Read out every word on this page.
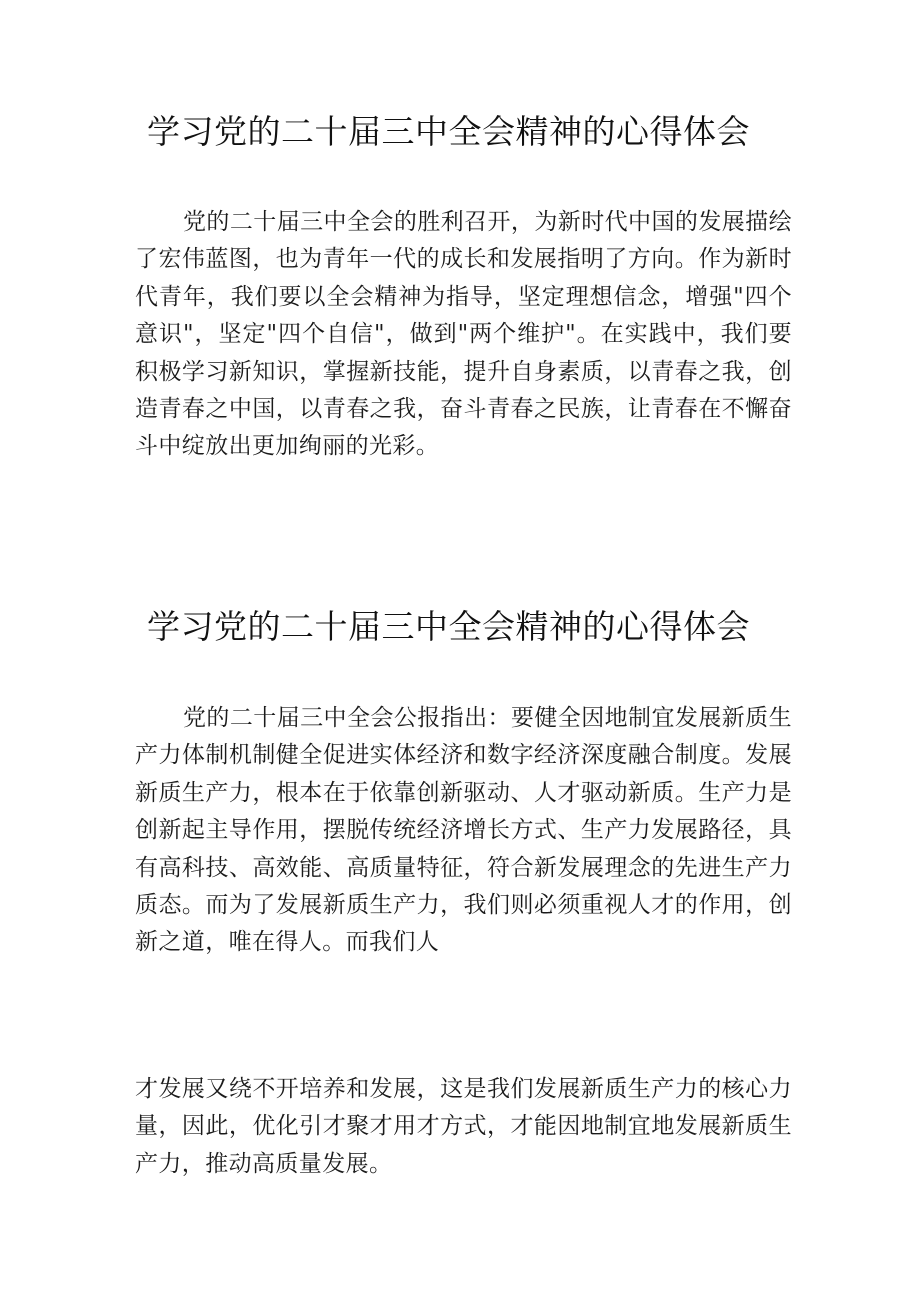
学习党的二十届三中全会精神的心得体会

党的二十届三中全会的胜利召开，为新时代中国的发展描绘了宏伟蓝图，也为青年一代的成长和发展指明了方向。作为新时代青年，我们要以全会精神为指导，坚定理想信念，增强"四个意识"，坚定"四个自信"，做到"两个维护"。在实践中，我们要积极学习新知识，掌握新技能，提升自身素质，以青春之我，创造青春之中国，以青春之我，奋斗青春之民族，让青春在不懈奋斗中绽放出更加绚丽的光彩。

学习党的二十届三中全会精神的心得体会

党的二十届三中全会公报指出：要健全因地制宜发展新质生产力体制机制健全促进实体经济和数字经济深度融合制度。发展新质生产力，根本在于依靠创新驱动、人才驱动新质。生产力是创新起主导作用，摆脱传统经济增长方式、生产力发展路径，具有高科技、高效能、高质量特征，符合新发展理念的先进生产力质态。而为了发展新质生产力，我们则必须重视人才的作用，创新之道，唯在得人。而我们人

才发展又绕不开培养和发展，这是我们发展新质生产力的核心力量，因此，优化引才聚才用才方式，才能因地制宜地发展新质生产力，推动高质量发展。
